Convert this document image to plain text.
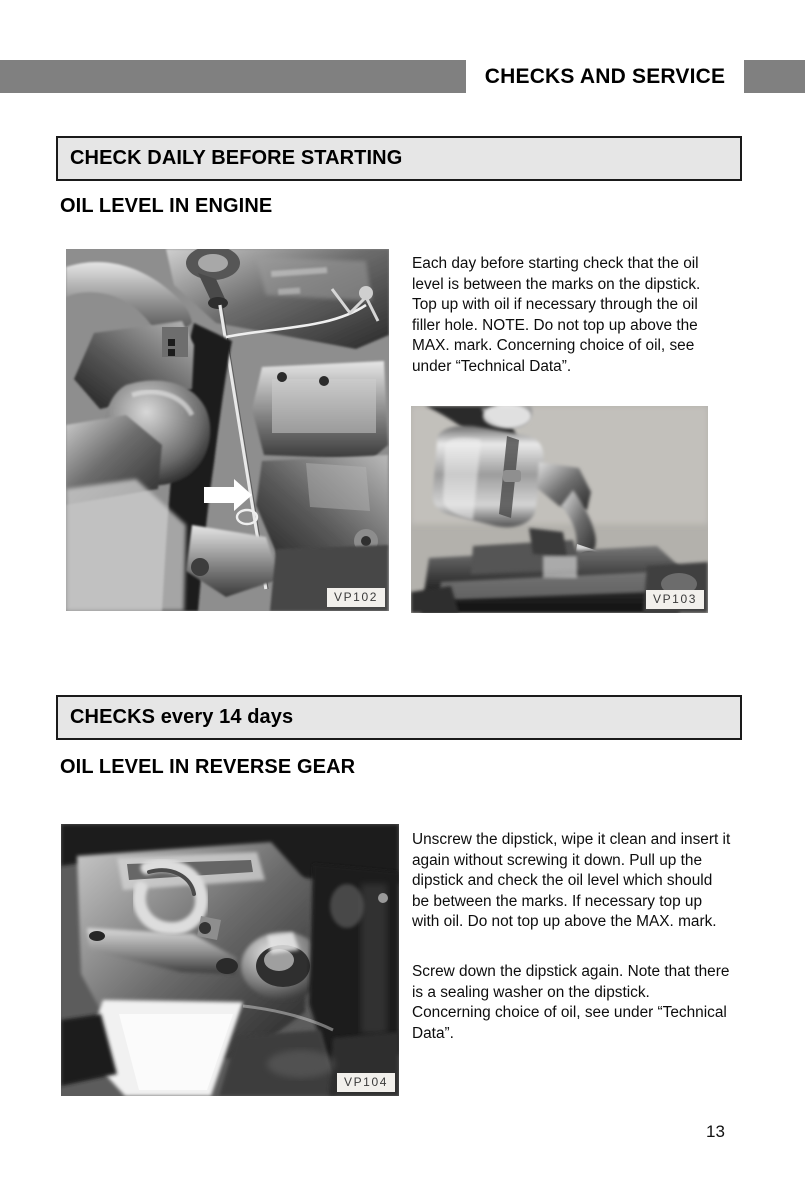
CHECKS AND SERVICE
CHECK DAILY BEFORE STARTING
OIL LEVEL IN ENGINE
VP102
Each day before starting check that the oil level is between the marks on the dipstick. Top up with oil if necessary through the oil filler hole. NOTE. Do not top up above the MAX. mark. Concerning choice of oil, see under “Technical Data”.
VP103
CHECKS every 14 days
OIL LEVEL IN REVERSE GEAR
VP104
Unscrew the dipstick, wipe it clean and insert it again without screwing it down. Pull up the dipstick and check the oil level which should be between the marks. If necessary top up with oil. Do not top up above the MAX. mark.
Screw down the dipstick again. Note that there is a sealing washer on the dipstick. Concerning choice of oil, see under “Technical Data”.
13
